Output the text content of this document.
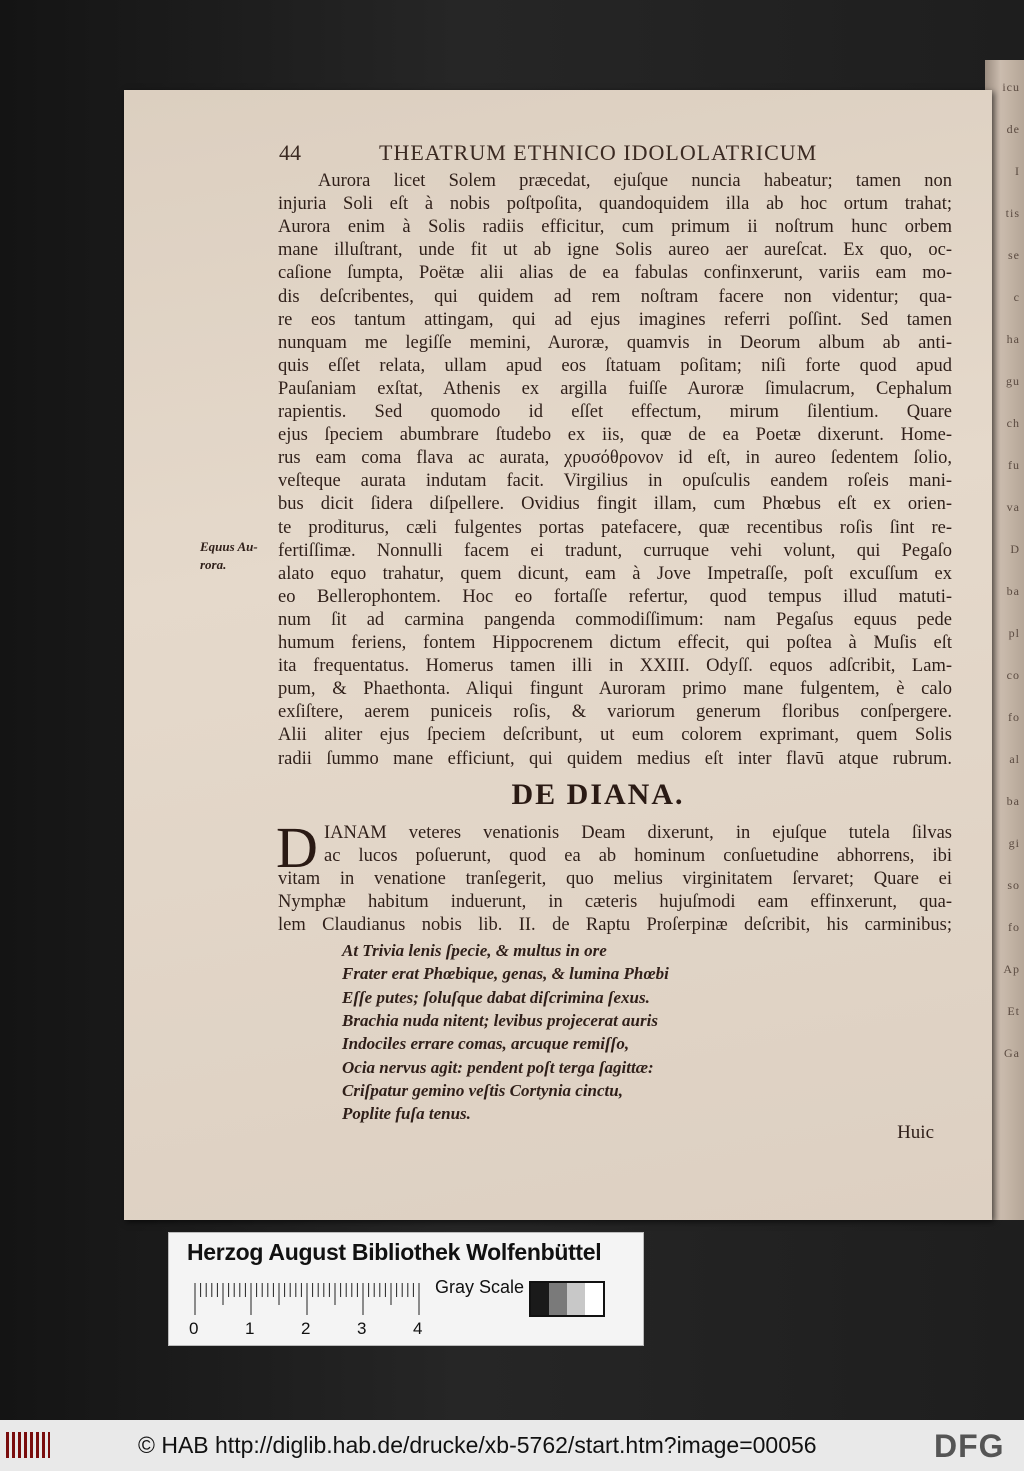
icu
de
I
tis
se
c
ha
gu
ch
fu
va
D
ba
pl
co
fo
al
ba
gi
so
fo
Ap
Et
Ga
44	THEATRUM ETHNICO IDOLOLATRICUM

Aurora licet Solem præcedat, ejuſque nuncia habeatur; tamen non

injuria Soli eſt à nobis poſtpoſita, quandoquidem illa ab hoc ortum trahat;

Aurora enim à Solis radiis efficitur, cum primum ii noſtrum hunc orbem

mane illuſtrant, unde fit ut ab igne Solis aureo aer aureſcat. Ex quo, oc-

caſione ſumpta, Poëtæ alii alias de ea fabulas confinxerunt, variis eam mo-

dis deſcribentes, qui quidem ad rem noſtram facere non videntur; qua-

re eos tantum attingam, qui ad ejus imagines referri poſſint. Sed tamen

nunquam me legiſſe memini, Auroræ, quamvis in Deorum album ab anti-

quis eſſet relata, ullam apud eos ſtatuam poſitam; niſi forte quod apud

Pauſaniam exſtat, Athenis ex argilla fuiſſe Auroræ ſimulacrum, Cephalum

rapientis. Sed quomodo id eſſet effectum, mirum ſilentium. Quare

ejus ſpeciem abumbrare ſtudebo ex iis, quæ de ea Poetæ dixerunt. Home-

rus eam coma flava ac aurata, χρυσόθρονον id eſt, in aureo ſedentem ſolio,

veſteque aurata indutam facit. Virgilius in opuſculis eandem roſeis mani-

bus dicit ſidera diſpellere. Ovidius fingit illam, cum Phœbus eſt ex orien-

te proditurus, cæli fulgentes portas patefacere, quæ recentibus roſis ſint re-

fertiſſimæ. Nonnulli facem ei tradunt, curruque vehi volunt, qui Pegaſo

alato equo trahatur, quem dicunt, eam à Jove Impetraſſe, poſt excuſſum ex

eo Bellerophontem. Hoc eo fortaſſe refertur, quod tempus illud matuti-

num ſit ad carmina pangenda commodiſſimum: nam Pegaſus equus pede

humum feriens, fontem Hippocrenem dictum effecit, qui poſtea à Muſis eſt

ita frequentatus. Homerus tamen illi in XXIII. Odyſſ. equos adſcribit, Lam-

pum, & Phaethonta. Aliqui fingunt Auroram primo mane fulgentem, è calo

exſiſtere, aerem puniceis roſis, & variorum generum floribus conſpergere.

Alii aliter ejus ſpeciem deſcribunt, ut eum colorem exprimant, quem Solis

radii ſummo mane efficiunt, qui quidem medius eſt inter flavū atque rubrum.

Equus Au-rora.

DE DIANA.

D IANAM veteres venationis Deam dixerunt, in ejuſque tutela ſilvas

ac lucos poſuerunt, quod ea ab hominum conſuetudine abhorrens, ibi

vitam in venatione tranſegerit, quo melius virginitatem ſervaret; Quare ei

Nymphæ habitum induerunt, in cæteris hujuſmodi eam effinxerunt, qua-

lem Claudianus nobis lib. II. de Raptu Proſerpinæ deſcribit, his carminibus;

At Trivia lenis ſpecie, & multus in ore

Frater erat Phœbique, genas, & lumina Phœbi

Eſſe putes; ſoluſque dabat diſcrimina ſexus.

Brachia nuda nitent; levibus projecerat auris

Indociles errare comas, arcuque remiſſo,

Ocia nervus agit: pendent poſt terga ſagittæ:

Criſpatur gemino veſtis Cortynia cinctu,

Poplite fuſa tenus.

Huic

Herzog August Bibliothek Wolfenbüttel

0	1	2	3	4
Gray Scale

© HAB http://diglib.hab.de/drucke/xb-5762/start.htm?image=00056	DFG
